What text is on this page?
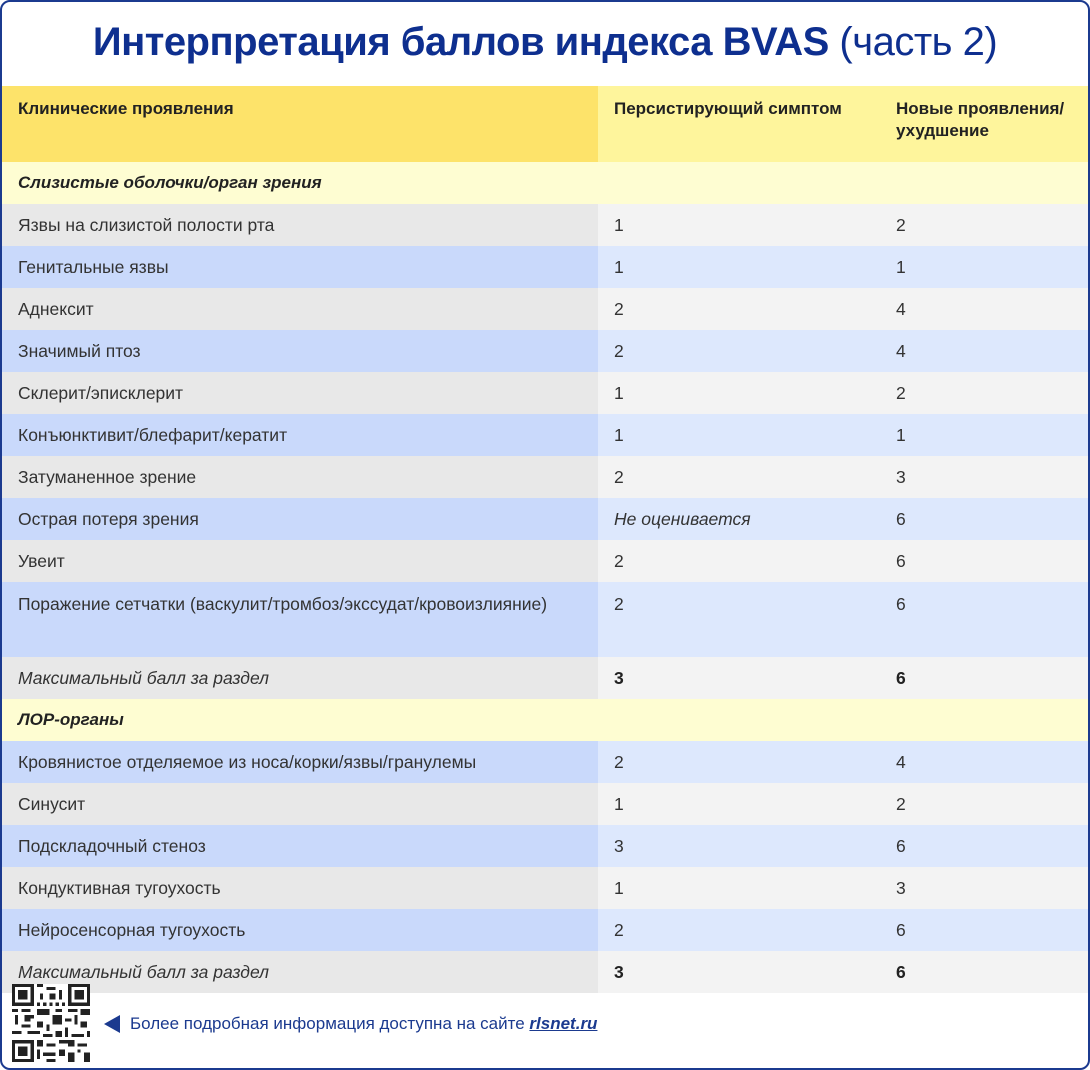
Интерпретация баллов индекса BVAS (часть 2)
Клинические проявления	Персистирующий симптом	Новые проявления/ ухудшение
Слизистые оболочки/орган зрения		
Язвы на слизистой полости рта	1	2
Генитальные язвы	1	1
Аднексит	2	4
Значимый птоз	2	4
Склерит/эписклерит	1	2
Конъюнктивит/блефарит/кератит	1	1
Затуманенное зрение	2	3
Острая потеря зрения	Не оценивается	6
Увеит	2	6
Поражение сетчатки (васкулит/тромбоз/экссудат/кровоизлияние)	2	6
Максимальный балл за раздел	3	6
ЛОР-органы		
Кровянистое отделяемое из носа/корки/язвы/гранулемы	2	4
Синусит	1	2
Подскладочный стеноз	3	6
Кондуктивная тугоухость	1	3
Нейросенсорная тугоухость	2	6
Максимальный балл за раздел	3	6
Более подробная информация доступна на сайте rlsnet.ru
